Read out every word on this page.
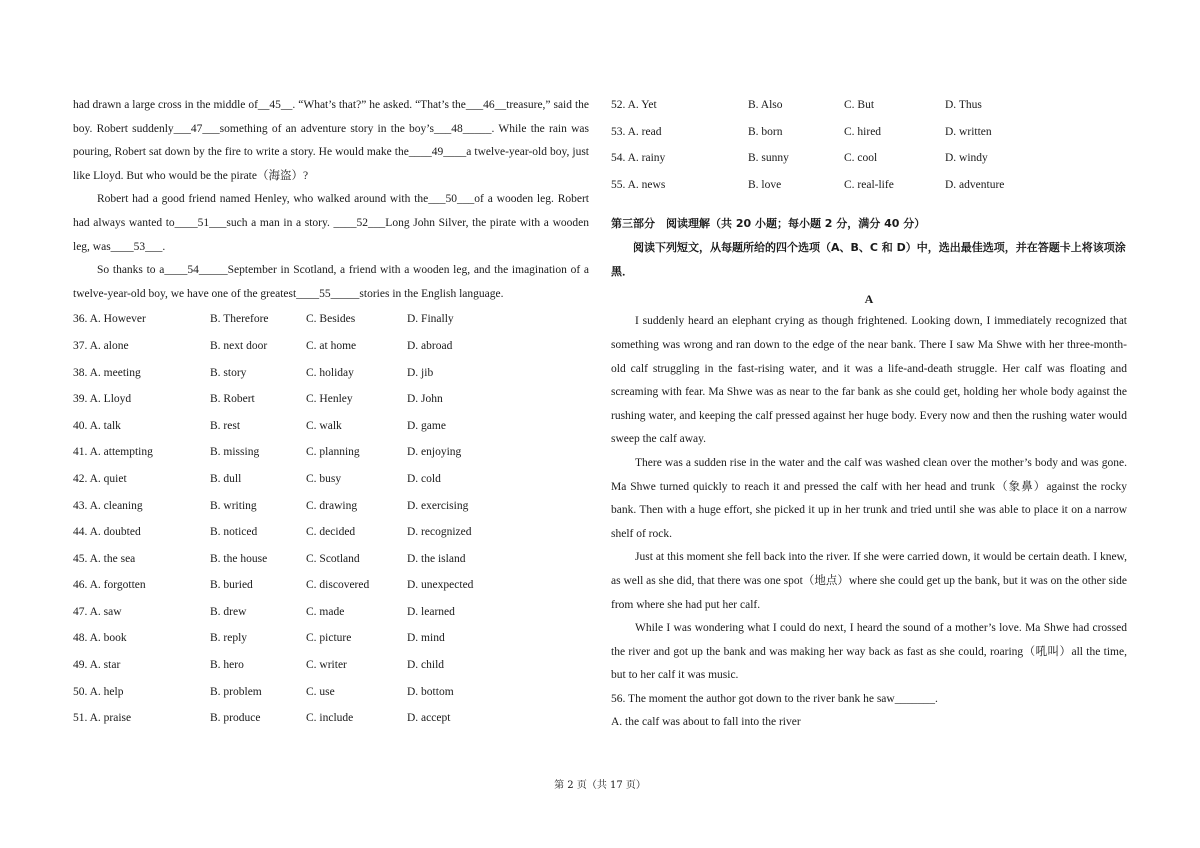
had drawn a large cross in the middle of__45__. “What’s that?” he asked. “That’s the___46__treasure,” said the boy. Robert suddenly___47___something of an adventure story in the boy’s___48_____. While the rain was pouring, Robert sat down by the fire to write a story. He would make the____49____a twelve-year-old boy, just like Lloyd. But who would be the pirate（海盗）?

Robert had a good friend named Henley, who walked around with the___50___of a wooden leg. Robert had always wanted to____51___such a man in a story. ____52___Long John Silver, the pirate with a wooden leg, was____53___.

So thanks to a____54_____September in Scotland, a friend with a wooden leg, and the imagination of a twelve-year-old boy, we have one of the greatest____55_____stories in the English language.

36. A. However	B. Therefore	C. Besides	D. Finally
37. A. alone	B. next door	C. at home	D. abroad
38. A. meeting	B. story	C. holiday	D. jib
39. A. Lloyd	B. Robert	C. Henley	D. John
40. A. talk	B. rest	C. walk	D. game
41. A. attempting	B. missing	C. planning	D. enjoying
42. A. quiet	B. dull	C. busy	D. cold
43. A. cleaning	B. writing	C. drawing	D. exercising
44. A. doubted	B. noticed	C. decided	D. recognized
45. A. the sea	B. the house	C. Scotland	D. the island
46. A. forgotten	B. buried	C. discovered	D. unexpected
47. A. saw	B. drew	C. made	D. learned
48. A. book	B. reply	C. picture	D. mind
49. A. star	B. hero	C. writer	D. child
50. A. help	B. problem	C. use	D. bottom
51. A. praise	B. produce	C. include	D. accept
52. A. Yet	B. Also	C. But	D. Thus
53. A. read	B. born	C. hired	D. written
54. A. rainy	B. sunny	C. cool	D. windy
55. A. news	B. love	C. real-life	D. adventure

第三部分　阅读理解（共 20 小题；每小题 2 分，满分 40 分）

阅读下列短文，从每题所给的四个选项（A、B、C 和 D）中，选出最佳选项，并在答题卡上将该项涂黑．

A

I suddenly heard an elephant crying as though frightened. Looking down, I immediately recognized that something was wrong and ran down to the edge of the near bank. There I saw Ma Shwe with her three-month-old calf struggling in the fast-rising water, and it was a life-and-death struggle. Her calf was floating and screaming with fear. Ma Shwe was as near to the far bank as she could get, holding her whole body against the rushing water, and keeping the calf pressed against her huge body. Every now and then the rushing water would sweep the calf away.

There was a sudden rise in the water and the calf was washed clean over the mother’s body and was gone. Ma Shwe turned quickly to reach it and pressed the calf with her head and trunk（象鼻）against the rocky bank. Then with a huge effort, she picked it up in her trunk and tried until she was able to place it on a narrow shelf of rock.

Just at this moment she fell back into the river. If she were carried down, it would be certain death. I knew, as well as she did, that there was one spot（地点）where she could get up the bank, but it was on the other side from where she had put her calf.

While I was wondering what I could do next, I heard the sound of a mother’s love. Ma Shwe had crossed the river and got up the bank and was making her way back as fast as she could, roaring（吼叫）all the time, but to her calf it was music.

56. The moment the author got down to the river bank he saw_______.

A. the calf was about to fall into the river

第 2 页（共 17 页）
